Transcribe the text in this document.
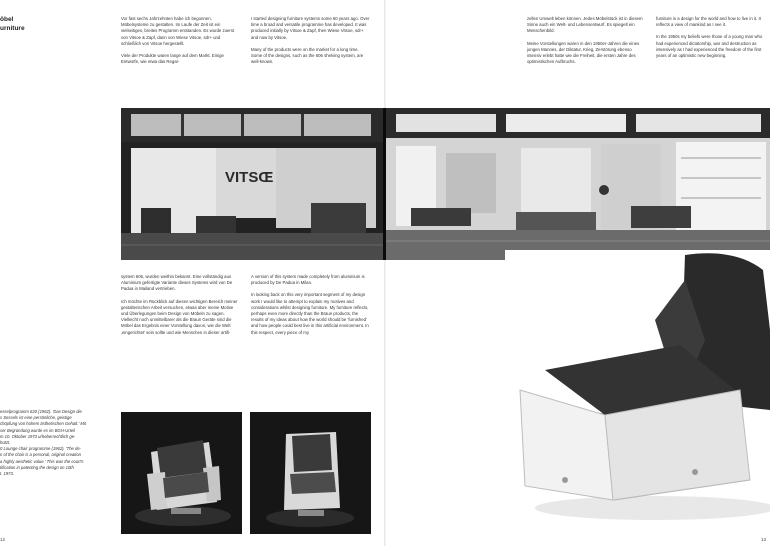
öbel
urniture

Vor fast sechs Jahrzehnten habe ich begonnen, Möbelsysteme zu gestalten. Im Laufe der Zeit ist ein vielseitiges, breites Programm entstanden. Es wurde zuerst von Vitsoe & Zapf, dann von Wiese Vitsoe, sdr+ und schließlich von Vitsoe hergestellt.

Viele der Produkte waren lange auf dem Markt. Einige Entwürfe, wie etwa das Regal-

I started designing furniture systems some 60 years ago. Over time a broad and versatile programme has developed. It was produced initially by Vitsoe & Zapf, then Wiese Vitsoe, sdr+ and now by Vitsoe.

Many of the products were on the market for a long time. Some of the designs, such as the 606 shelving system, are well-known.

zellen Umwelt leben können. Jedes Möbelstück ist in diesem Sinne auch ein Welt- und Lebensentwurf. Es spiegelt ein Menschenbild.

Meine Vorstellungen waren in den 1950er-Jahren die eines jungen Mannes, der Diktatur, Krieg, Zerstörung ebenso intensiv erlebt hatte wie die Freiheit, die ersten Jahre des optimistischen Aufbruchs.

furniture is a design for the world and how to live in it. It reflects a view of mankind as I see it.

In the 1950s my beliefs were those of a young man who had experienced dictatorship, war and destruction as intensively as I had experienced the freedom of the first years of an optimistic new beginning.

VITSŒ

system 606, wurden weithin bekannt. Eine vollständig aus Aluminium gefertigte Variante dieses Systems wird von De Padua in Mailand vertrieben.

Ich möchte im Rückblick auf diesen wichtigen Bereich meiner gestalterischen Arbeit versuchen, etwas über meine Motive und Überlegungen beim Design von Möbeln zu sagen. Vielleicht noch unmittelbarer als die Braun Geräte sind die Möbel das Ergebnis einer Vorstellung davon, wie die Welt ‚eingerichtet' sein sollte und wie Menschen in dieser artifi-

A version of this system made completely from aluminium is produced by De Padua in Milan.

In looking back on this very important segment of my design work I would like to attempt to explain my motives and considerations whilst designing furniture. My furniture reflects, perhaps even more directly than the Braun products, the results of my ideas about how the world should be 'furnished' and how people could best live in this artificial environment. In this respect, every piece of my

esselprogramm 620 (1962). 'Das Design die

s Sessels ist eine persönliche, geistige

chöpfung von hohem ästhetischen Gehalt.' Mit

ser Begründung wurde es im BGH-Urteil

m 10. Oktober 1973 urheberrechtlich ge-

hützt.

0 Lounge chair programme (1962). 'The de-

n of the chair is a personal, original creation

a highly aesthetic value.' This was the court's

tification in patenting the design on 10th

t. 1973.

12	13
